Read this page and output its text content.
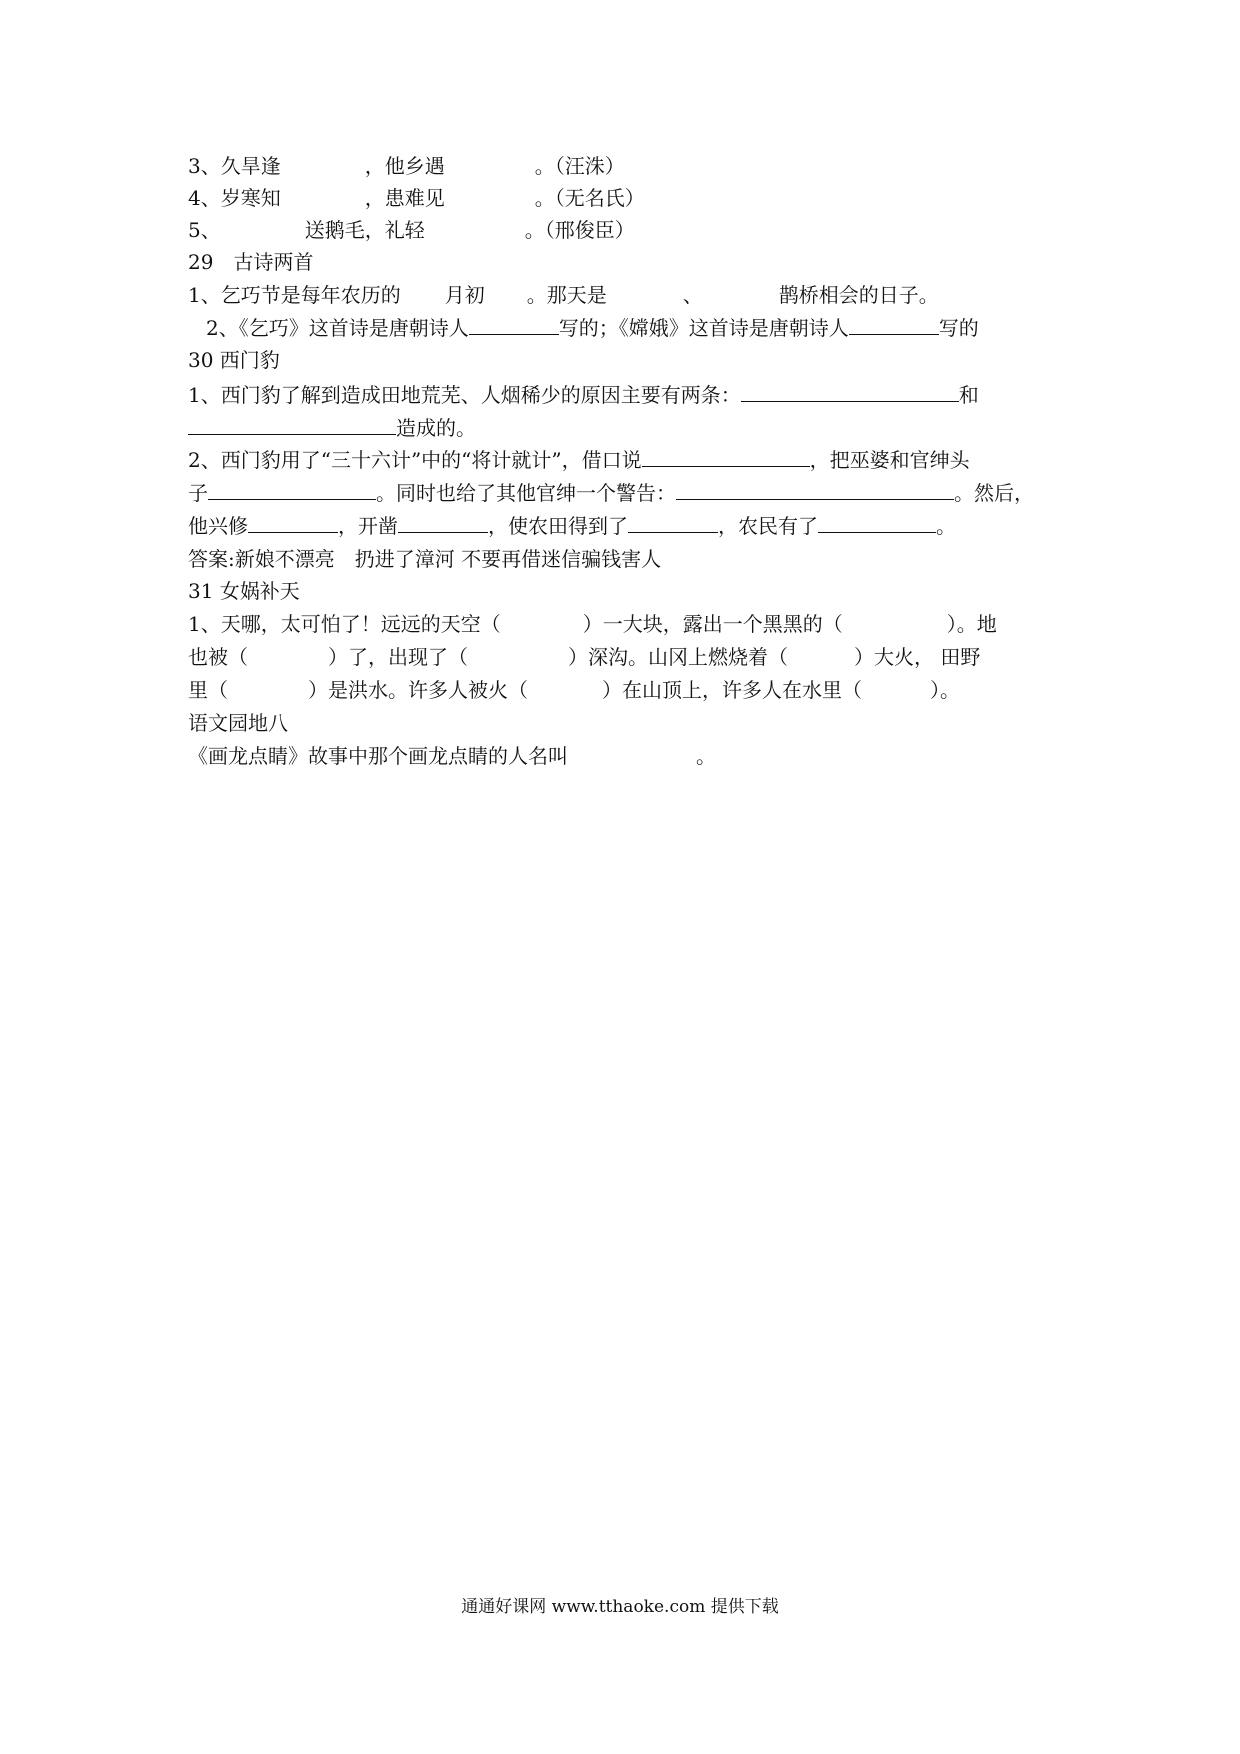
3、久旱逢	，他乡遇	。（汪洙）
4、岁寒知	，患难见	。（无名氏）
5、	送鹅毛，礼轻	。（邢俊臣）
29　古诗两首
1、乞巧节是每年农历的 月初 。那天是	、	鹊桥相会的日子。
2、《乞巧》这首诗是唐朝诗人	写的；《嫦娥》这首诗是唐朝诗人	写的
30 西门豹
1、西门豹了解到造成田地荒芜、人烟稀少的原因主要有两条：	和
造成的。
2、西门豹用了“三十六计”中的“将计就计”，借口说	，把巫婆和官绅头
子	。同时也给了其他官绅一个警告：	。然后，
他兴修	，开凿	，使农田得到了	，农民有了	。
答案:新娘不漂亮　扔进了漳河 不要再借迷信骗钱害人
31 女娲补天
1、天哪，太可怕了！远远的天空（	）一大块，露出一个黑黑的（	）。地
也被（	）了，出现了（	）深沟。山冈上燃烧着（	）大火， 田野
里（	）是洪水。许多人被火（	）在山顶上，许多人在水里（	）。
语文园地八
《画龙点睛》故事中那个画龙点睛的人名叫	。
通通好课网 www.tthaoke.com 提供下载
